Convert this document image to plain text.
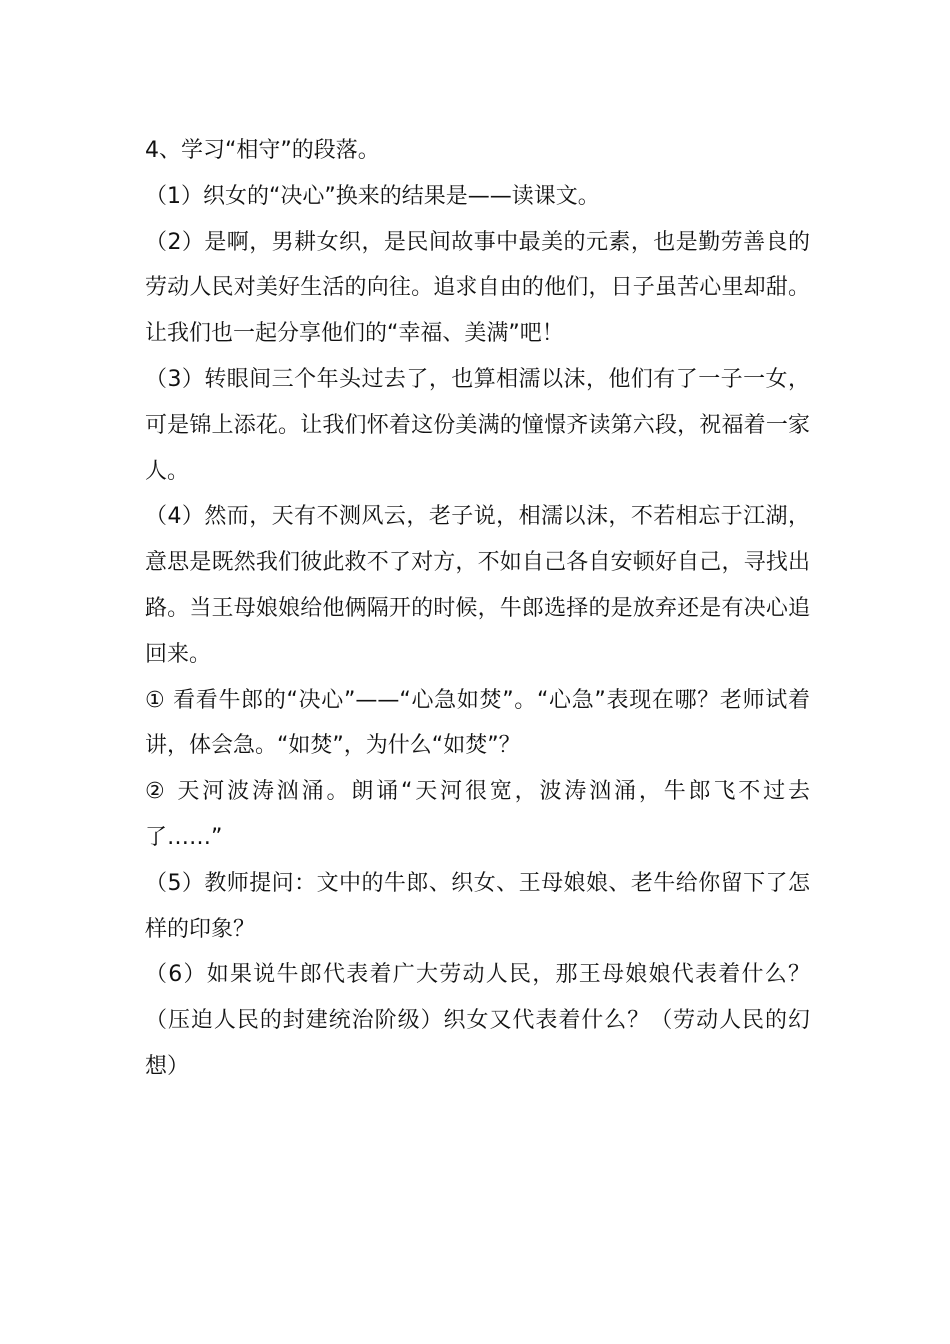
4、学习“相守”的段落。

（1）织女的“决心”换来的结果是——读课文。

（2）是啊，男耕女织，是民间故事中最美的元素，也是勤劳善良的劳动人民对美好生活的向往。追求自由的他们，日子虽苦心里却甜。让我们也一起分享他们的“幸福、美满”吧！

（3）转眼间三个年头过去了，也算相濡以沫，他们有了一子一女，可是锦上添花。让我们怀着这份美满的憧憬齐读第六段，祝福着一家人。

（4）然而，天有不测风云，老子说，相濡以沫，不若相忘于江湖，意思是既然我们彼此救不了对方，不如自己各自安顿好自己，寻找出路。当王母娘娘给他俩隔开的时候，牛郎选择的是放弃还是有决心追回来。

① 看看牛郎的“决心”——“心急如焚”。“心急”表现在哪？老师试着讲，体会急。“如焚”，为什么“如焚”？

② 天河波涛汹涌。朗诵“天河很宽，波涛汹涌，牛郎飞不过去了……”

（5）教师提问：文中的牛郎、织女、王母娘娘、老牛给你留下了怎样的印象？

（6）如果说牛郎代表着广大劳动人民，那王母娘娘代表着什么？（压迫人民的封建统治阶级）织女又代表着什么？（劳动人民的幻想）
